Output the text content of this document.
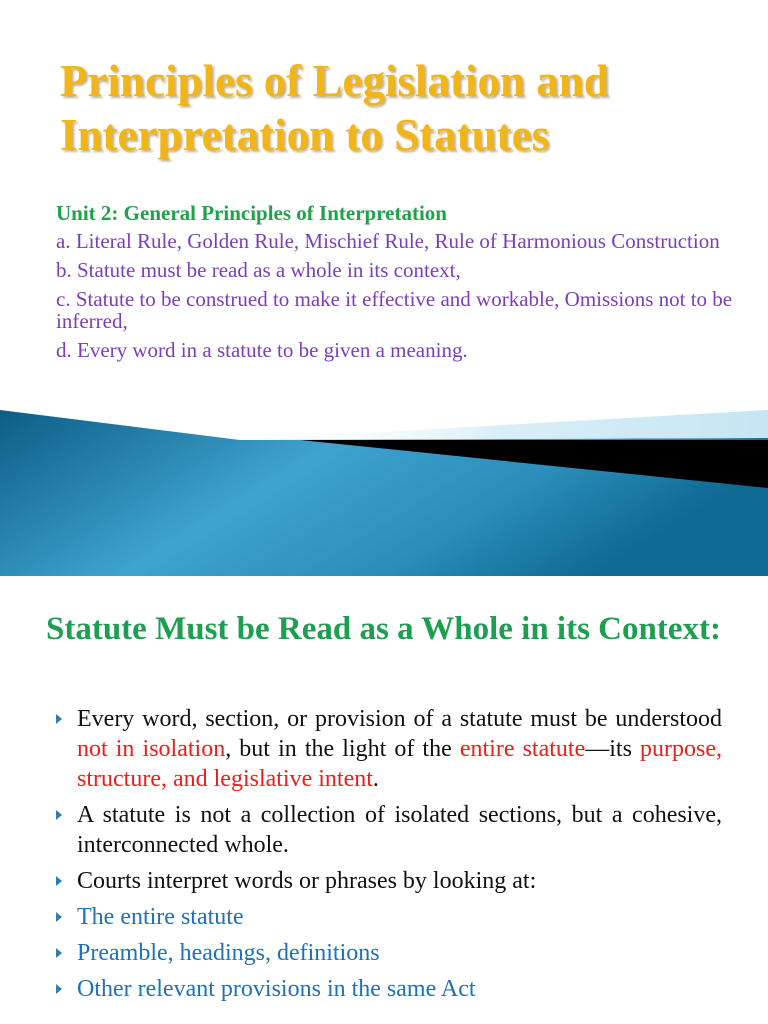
Principles of Legislation and
Interpretation to Statutes

Unit 2: General Principles of Interpretation

a. Literal Rule, Golden Rule, Mischief Rule, Rule of Harmonious Construction
b. Statute must be read as a whole in its context,
c. Statute to be construed to make it effective and workable, Omissions not to be inferred,
d. Every word in a statute to be given a meaning.
Statute Must be Read as a Whole in its Context:
Every word, section, or provision of a statute must be understood not in isolation, but in the light of the entire statute—its purpose, structure, and legislative intent.
A statute is not a collection of isolated sections, but a cohesive, interconnected whole.
Courts interpret words or phrases by looking at:
The entire statute
Preamble, headings, definitions
Other relevant provisions in the same Act
